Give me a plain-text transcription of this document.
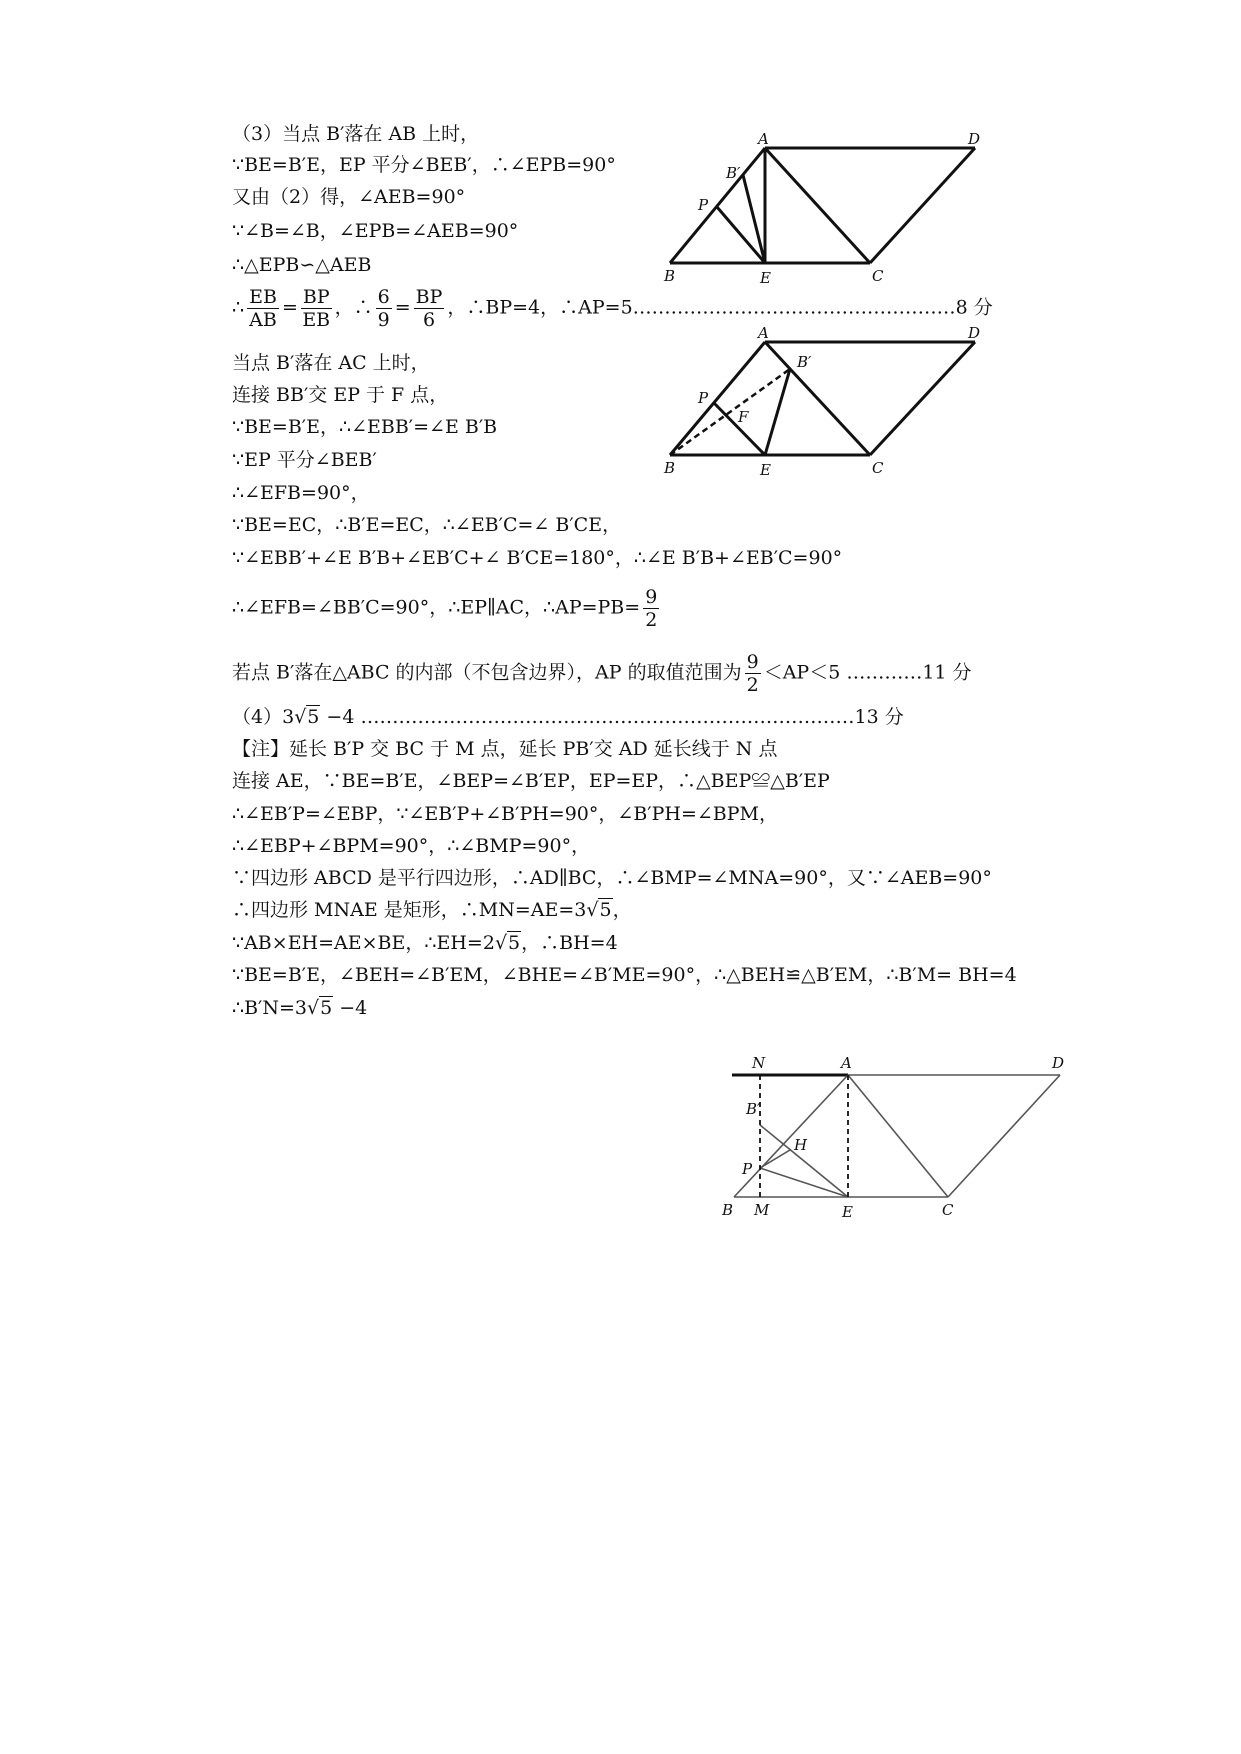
（3）当点 B′落在 AB 上时，
∵BE=B′E，EP 平分∠BEB′，∴∠EPB=90°
又由（2）得，∠AEB=90°
∵∠B=∠B，∠EPB=∠AEB=90°
∴△EPB∽△AEB
∴ $\frac{EB}{AB} = \frac{BP}{EB}$ ，∴ $\frac{6}{9} = \frac{BP}{6}$ ，∴BP=4，∴AP=5……………………………………………8 分
当点 B′落在 AC 上时，
连接 BB′交 EP 于 F 点，
∵BE=B′E，∴∠EBB′=∠E B′B
∵EP 平分∠BEB′
∴∠EFB=90°，
∵BE=EC，∴B′E=EC，∴∠EB′C=∠ B′CE，
∵∠EBB′+∠E B′B+∠EB′C+∠ B′CE=180°，∴∠E B′B+∠EB′C=90°
∴∠EFB=∠BB′C=90°，∴EP∥AC，∴AP=PB= $\frac{9}{2}$
若点 B′落在△ABC 的内部（不包含边界），AP 的取值范围为 $\frac{9}{2} <AP<5$ …………11 分
（4）3√5 −4 ……………………………………………………………………13 分
【注】延长 B′P 交 BC 于 M 点，延长 PB′交 AD 延长线于 N 点
连接 AE，∵BE=B′E，∠BEP=∠B′EP，EP=EP，∴△BEP≌△B′EP
∴∠EB′P=∠EBP，∵∠EB′P+∠B′PH=90°，∠B′PH=∠BPM，
∴∠EBP+∠BPM=90°，∴∠BMP=90°，
∵四边形 ABCD 是平行四边形，∴AD∥BC，∴∠BMP=∠MNA=90°，又∵∠AEB=90°
∴四边形 MNAE 是矩形，∴MN=AE=3√5，
∵AB×EH=AE×BE，∴EH=2√5，∴BH=4
∵BE=B′E，∠BEH=∠B′EM，∠BHE=∠B′ME=90°，∴△BEH≌△B′EM，∴B′M= BH=4
∴B′N=3√5 −4
A	D
B′
P
B	E	C
A	D
B′
P
F
B	E	C
N	A	D
B′
H
P
B M	E	C
